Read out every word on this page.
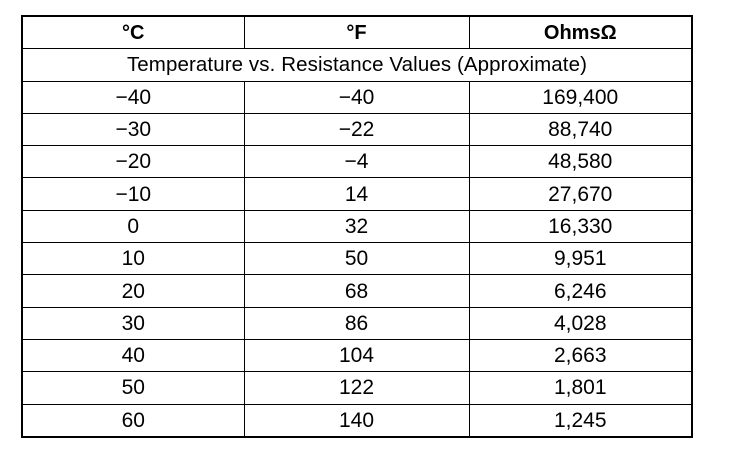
°C	°F	OhmsΩ
Temperature vs. Resistance Values (Approximate)		
−40	−40	169,400
−30	−22	88,740
−20	−4	48,580
−10	14	27,670
0	32	16,330
10	50	9,951
20	68	6,246
30	86	4,028
40	104	2,663
50	122	1,801
60	140	1,245
